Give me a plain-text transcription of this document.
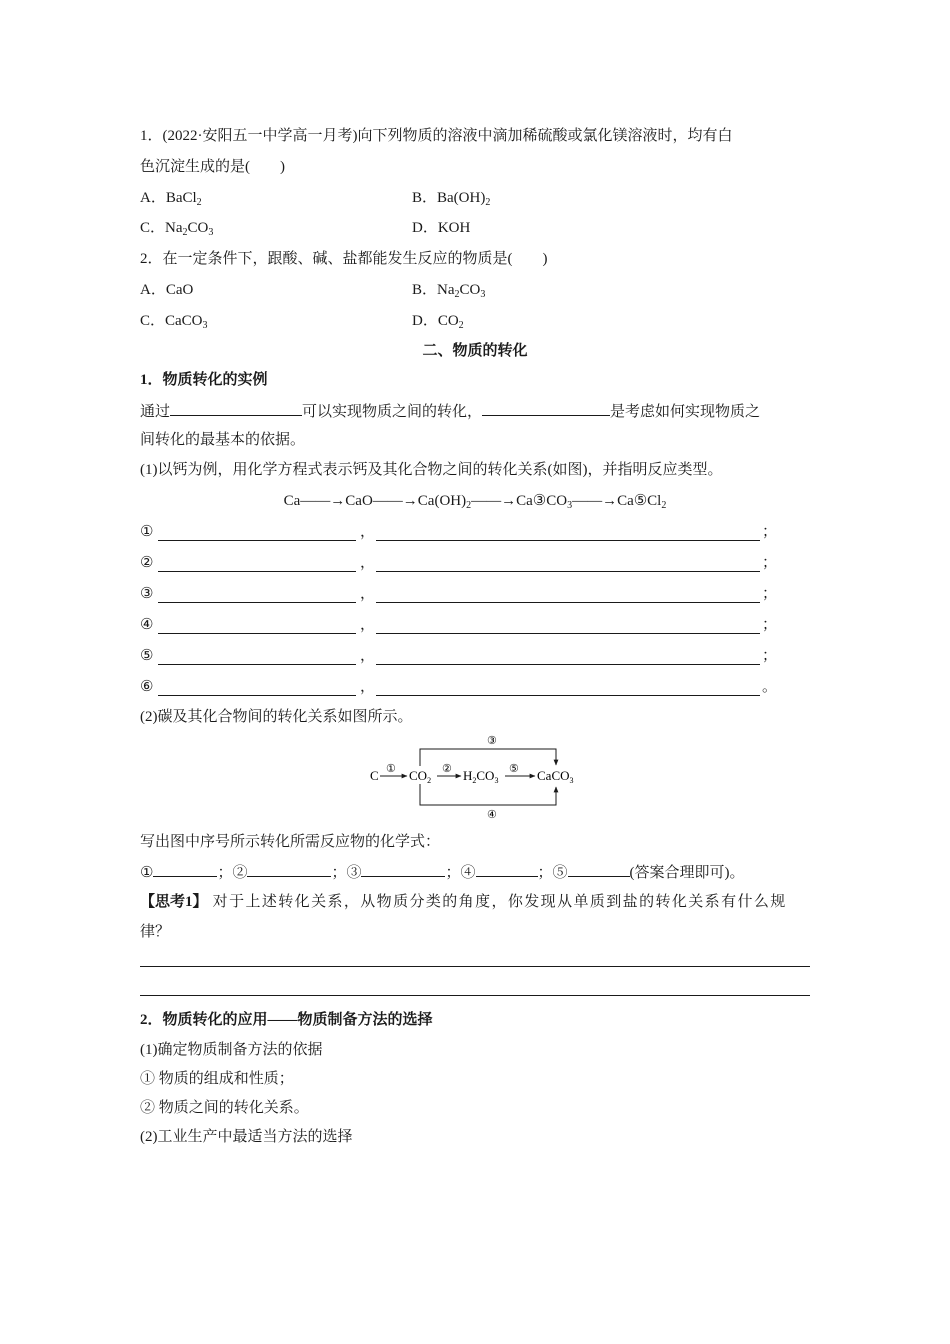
1．(2022·安阳五一中学高一月考)向下列物质的溶液中滴加稀硫酸或氯化镁溶液时，均有白
色沉淀生成的是(　　)
A．BaCl$_2$	B．$Ba(OH)_2$
C．$Na_2CO_3$	D．KOH
2．在一定条件下，跟酸、碱、盐都能发生反应的物质是(　　)
A．CaO	B．$Na_2CO_3$
C．CaCO$_3$	D．$CO_2$
二、物质的转化
1．物质转化的实例
通过	可以实现物质之间的转化，	是考虑如何实现物质之
间转化的最基本的依据。
(1)以钙为例，用化学方程式表示钙及其化合物之间的转化关系(如图)，并指明反应类型。
$Ca——\to CaO——\to Ca(OH)_2——\to Ca③CO_3——\to Ca⑤Cl_2$
①	，	；
②	，	；
③	，	；
④	，	；
⑤	，	；
⑥	，	。
(2)碳及其化合物间的转化关系如图所示。
C $CO_2$ $H_2CO_3$	CaCO$_3$
①	②	⑤
③
④
写出图中序号所示转化所需反应物的化学式：
①	；②	；③	；④	；⑤	(答案合理即可)。
【思考1】 对于上述转化关系，从物质分类的角度，你发现从单质到盐的转化关系有什么规
律？
2．物质转化的应用——物质制备方法的选择
(1)确定物质制备方法的依据
① 物质的组成和性质；
② 物质之间的转化关系。
(2)工业生产中最适当方法的选择
